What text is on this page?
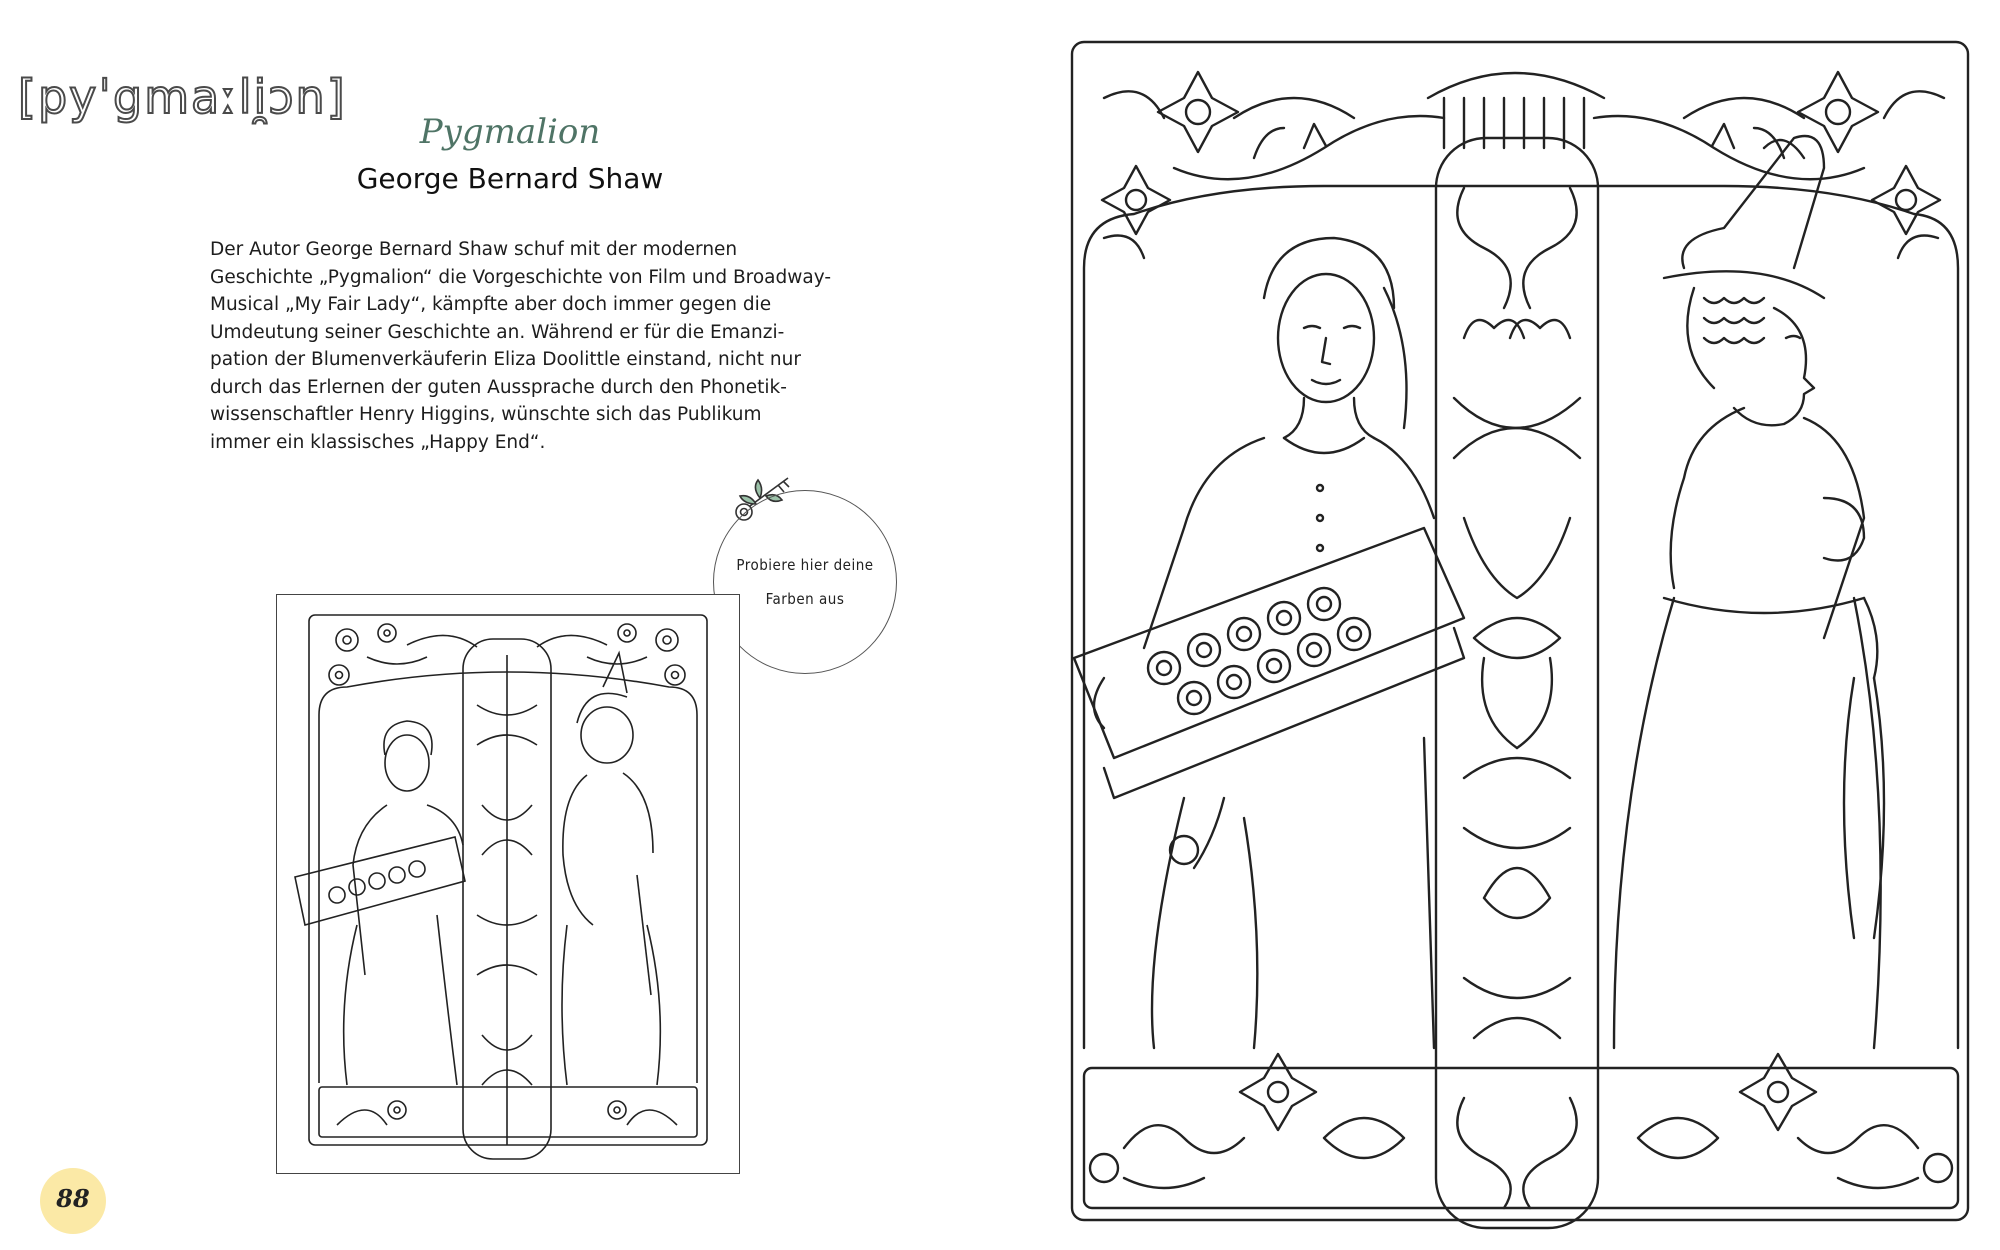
[pyˈgmaːli̯ɔn]
Pygmalion
George Bernard Shaw
Der Autor George Bernard Shaw schuf mit der modernen
Geschichte „Pygmalion“ die Vorgeschichte von Film und Broadway-
Musical „My Fair Lady“, kämpfte aber doch immer gegen die
Umdeutung seiner Geschichte an. Während er für die Emanzi-
pation der Blumenverkäuferin Eliza Doolittle einstand, nicht nur
durch das Erlernen der guten Aussprache durch den Phonetik-
wissenschaftler Henry Higgins, wünschte sich das Publikum
immer ein klassisches „Happy End“.
Probiere hier deine
Farben aus
88
